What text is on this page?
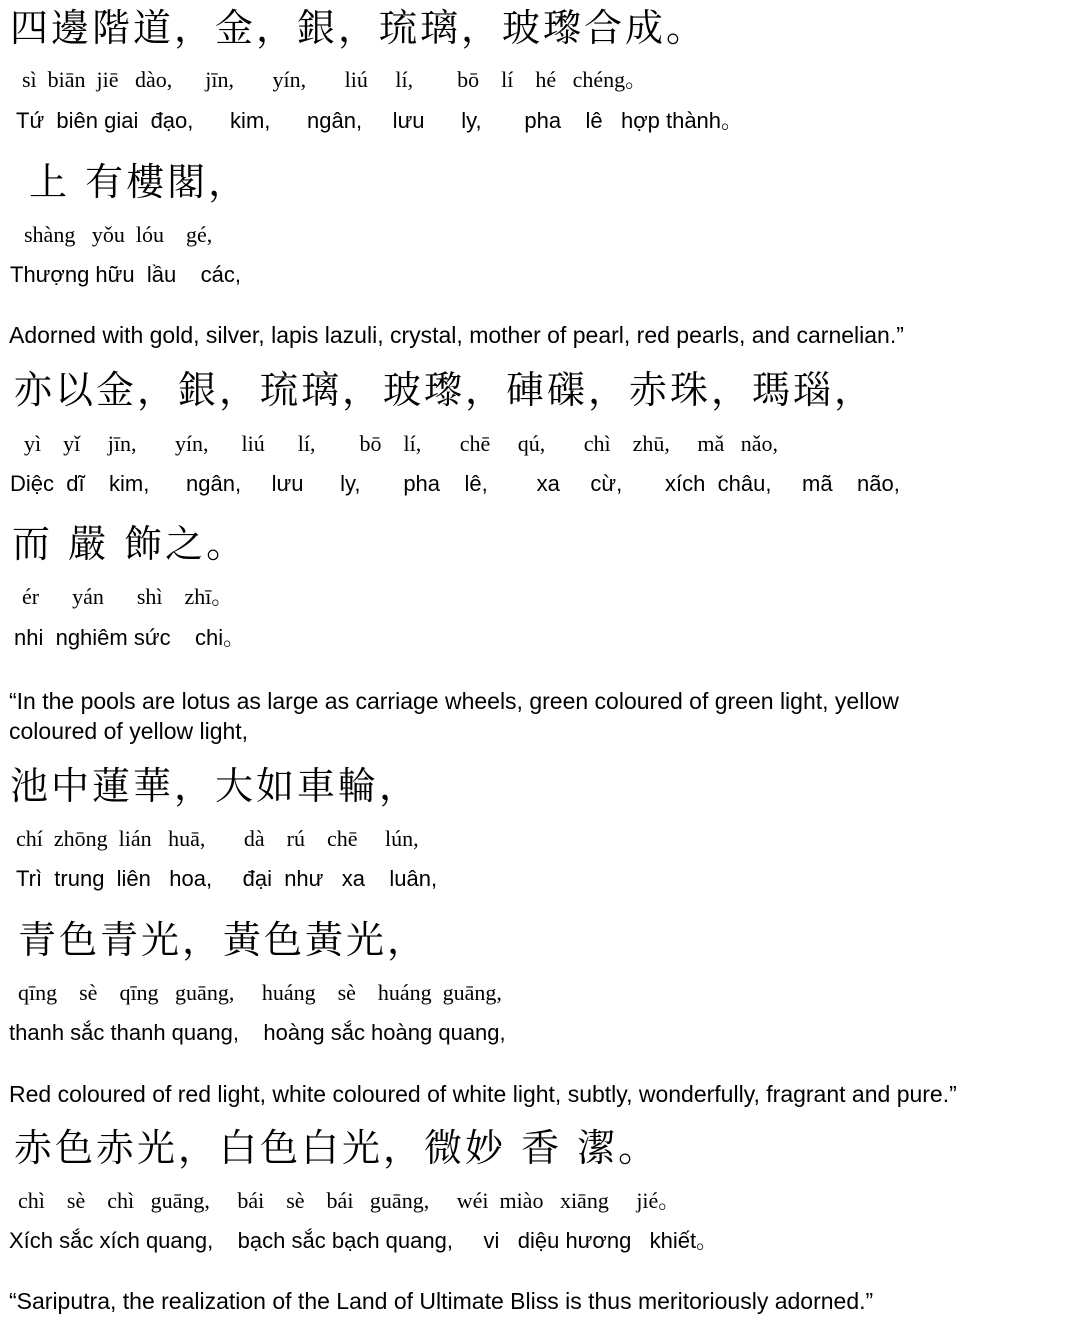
四邊階道，金，銀，琉璃，玻瓈合成。
sì  biān  jiē   dào,      jīn,       yín,       liú     lí,        bō    lí    hé   chéng。
Tứ  biên giai  đạo,      kim,      ngân,     lưu      ly,       pha    lê   hợp thành。
上 有樓閣，
shàng   yǒu  lóu    gé,
Thượng hữu  lầu    các,
Adorned with gold, silver, lapis lazuli, crystal, mother of pearl, red pearls, and carnelian.”
亦以金，銀，琉璃，玻瓈，硨磲，赤珠，瑪瑙，
yì    yǐ     jīn,       yín,      liú      lí,        bō    lí,       chē     qú,       chì    zhū,     mǎ   nǎo,
Diệc  dĩ    kim,      ngân,     lưu      ly,       pha    lê,        xa     cừ,       xích  châu,     mã    não,
而 嚴 飾之。
ér      yán      shì    zhī。
nhi  nghiêm sức    chi。
“In the pools are lotus as large as carriage wheels, green coloured of green light, yellow
coloured of yellow light,
池中蓮華，大如車輪，
chí  zhōng  lián   huā,       dà    rú    chē     lún,
Trì  trung  liên   hoa,     đại  như   xa    luân,
青色青光，黃色黃光，
qīng    sè    qīng   guāng,     huáng    sè    huáng  guāng,
thanh sắc thanh quang,    hoàng sắc hoàng quang,
Red coloured of red light, white coloured of white light, subtly, wonderfully, fragrant and pure.”
赤色赤光，白色白光，微妙 香 潔。
chì    sè    chì   guāng,     bái    sè    bái   guāng,     wéi  miào   xiāng     jié。
Xích sắc xích quang,    bạch sắc bạch quang,     vi   diệu hương   khiết。
“Sariputra, the realization of the Land of Ultimate Bliss is thus meritoriously adorned.”
